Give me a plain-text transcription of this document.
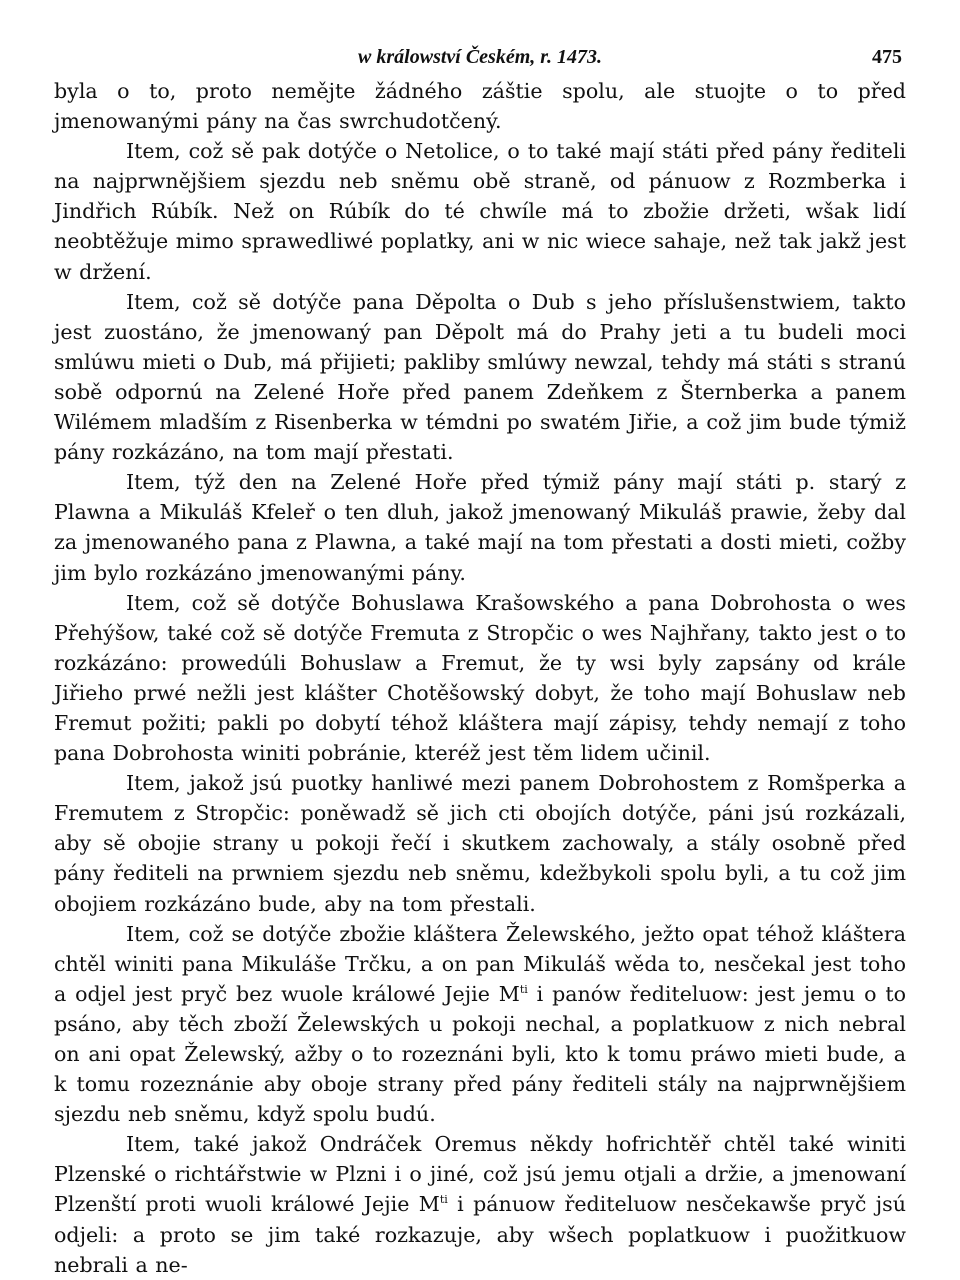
w králowství Českém, r. 1473.	475

byla o to, proto nemějte žádného záštie spolu, ale stuojte o to před jmenowanými pány na čas swrchudotčený.

Item, což sě pak dotýče o Netolice, o to také mají státi před pány řediteli na najprwnějšiem sjezdu neb sněmu obě straně, od pánuow z Rozmberka i Jindřich Rúbík. Než on Rúbík do té chwíle má to zbožie držeti, wšak lidí neobtěžuje mimo sprawedliwé poplatky, ani w nic wiece sahaje, než tak jakž jest w držení.

Item, což sě dotýče pana Děpolta o Dub s jeho příslušenstwiem, takto jest zuostáno, že jmenowaný pan Děpolt má do Prahy jeti a tu budeli moci smlúwu mieti o Dub, má přijieti; pakliby smlúwy newzal, tehdy má státi s stranú sobě odpornú na Zelené Hoře před panem Zdeňkem z Šternberka a panem Wilémem mladším z Risenberka w témdni po swatém Jiřie, a což jim bude týmiž pány rozkázáno, na tom mají přestati.

Item, týž den na Zelené Hoře před týmiž pány mají státi p. starý z Plawna a Mikuláš Kfeleř o ten dluh, jakož jmenowaný Mikuláš prawie, žeby dal za jmenowaného pana z Plawna, a také mají na tom přestati a dosti mieti, cožby jim bylo rozkázáno jmenowanými pány.

Item, což sě dotýče Bohuslawa Krašowského a pana Dobrohosta o wes Přehýšow, také což sě dotýče Fremuta z Stropčic o wes Najhřany, takto jest o to rozkázáno: prowedúli Bohuslaw a Fremut, že ty wsi byly zapsány od krále Jiřieho prwé nežli jest klášter Chotěšowský dobyt, že toho mají Bohuslaw neb Fremut požiti; pakli po dobytí téhož kláštera mají zápisy, tehdy nemají z toho pana Dobrohosta winiti pobránie, kteréž jest těm lidem učinil.

Item, jakož jsú puotky hanliwé mezi panem Dobrohostem z Romšperka a Fremutem z Stropčic: poněwadž sě jich cti obojích dotýče, páni jsú rozkázali, aby sě obojie strany u pokoji řečí i skutkem zachowaly, a stály osobně před pány řediteli na prwniem sjezdu neb sněmu, kdežbykoli spolu byli, a tu což jim obojiem rozkázáno bude, aby na tom přestali.

Item, což se dotýče zbožie kláštera Želewského, ježto opat téhož kláštera chtěl winiti pana Mikuláše Trčku, a on pan Mikuláš wěda to, nesčekal jest toho a odjel jest pryč bez wuole králowé Jejie $M^{ti}$ i panów řediteluow: jest jemu o to psáno, aby těch zboží Želewských u pokoji nechal, a poplatkuow z nich nebral on ani opat Želewský, ažby o to rozeznáni byli, kto k tomu práwo mieti bude, a k tomu rozeznánie aby oboje strany před pány řediteli stály na najprwnějšiem sjezdu neb sněmu, když spolu budú.

Item, také jakož Ondráček Oremus někdy hofrichtěř chtěl také winiti Plzenské o richtářstwie w Plzni i o jiné, což jsú jemu otjali a držie, a jmenowaní Plzenští proti wuoli králowé Jejie $M^{ti}$ i pánuow řediteluow nesčekawše pryč jsú odjeli: a proto se jim také rozkazuje, aby wšech poplatkuow i puožitkuow nebrali a ne-
